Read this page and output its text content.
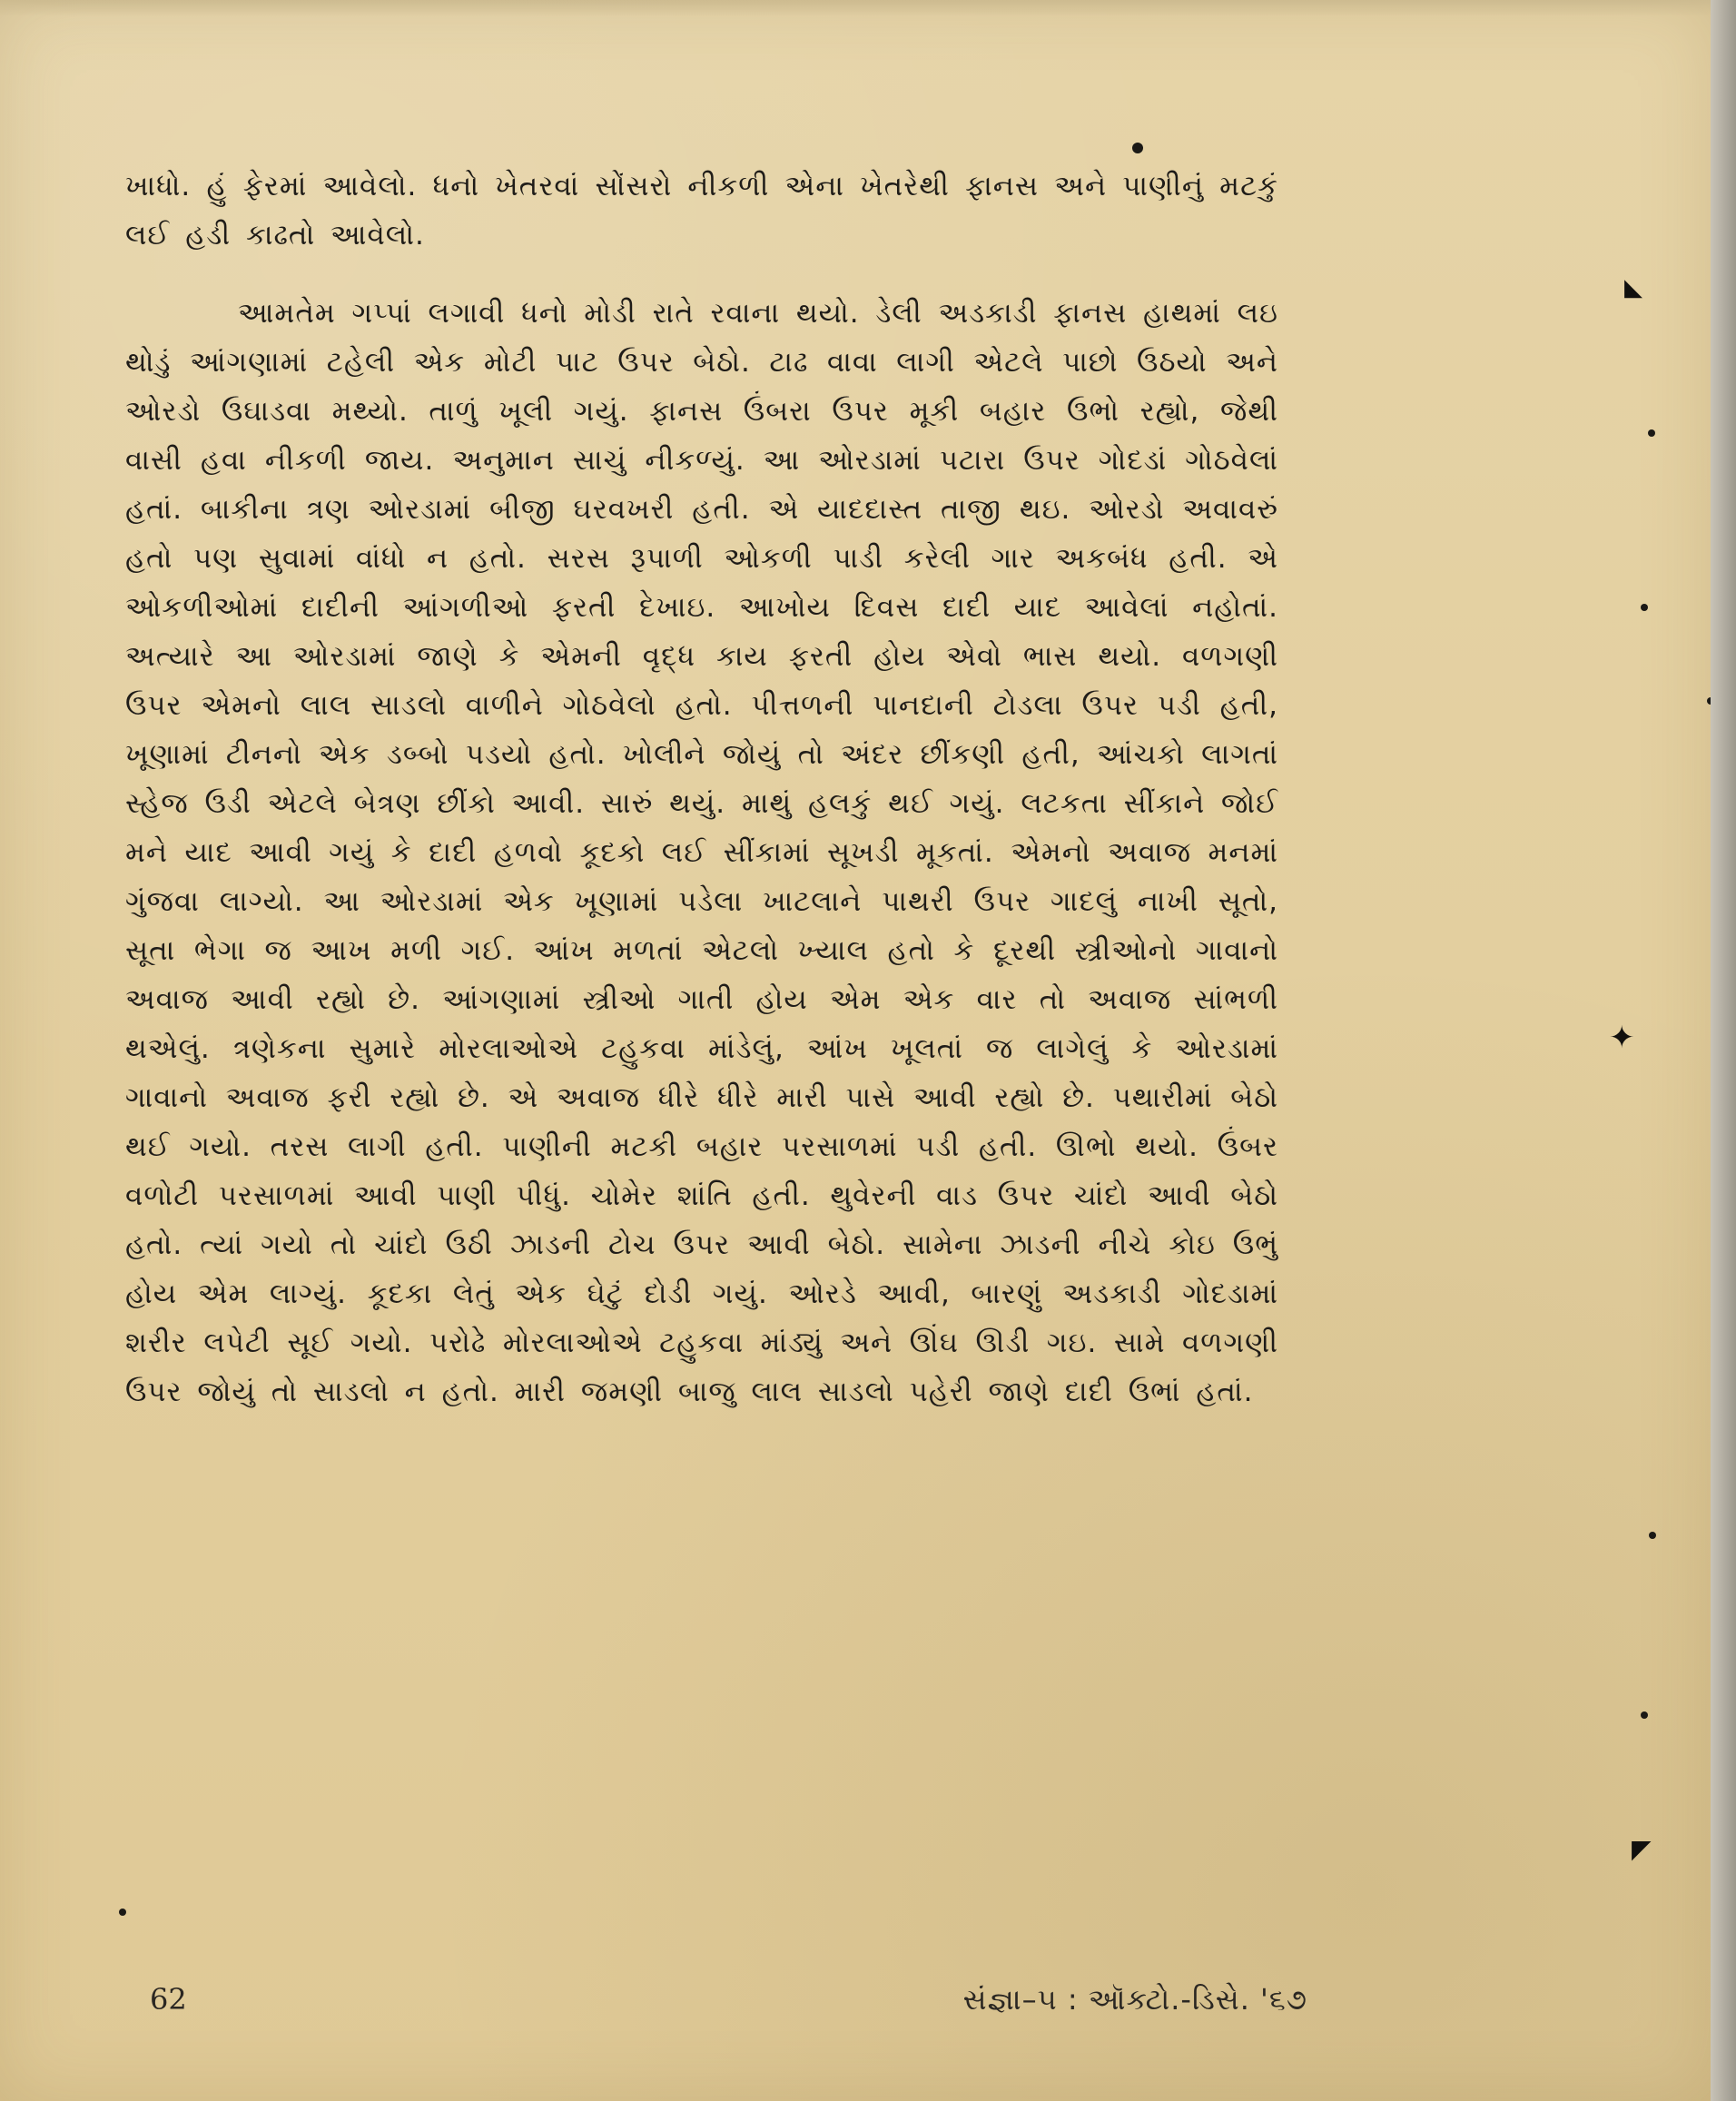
ખાધો. હું ફેરમાં આવેલો. ધનો ખેતરવાં સોંસરો નીકળી એના ખેતરેથી ફાનસ અને પાણીનું મટકું લઈ હડી કાઢતો આવેલો.

આમતેમ ગપ્પાં લગાવી ધનો મોડી રાતે રવાના થયો. ડેલી અડકાડી ફાનસ હાથમાં લઇ થોડું આંગણામાં ટહેલી એક મોટી પાટ ઉપર બેઠો. ટાઢ વાવા લાગી એટલે પાછો ઉઠયો અને ઓરડો ઉઘાડવા મથ્યો. તાળું ખૂલી ગયું. ફાનસ ઉંબરા ઉપર મૂકી બહાર ઉભો રહ્યો, જેથી વાસી હવા નીકળી જાય. અનુમાન સાચું નીકળ્યું. આ ઓરડામાં પટારા ઉપર ગોદડાં ગોઠવેલાં હતાં. બાકીના ત્રણ ઓરડામાં બીજી ઘરવખરી હતી. એ યાદદાસ્ત તાજી થઇ. ઓરડો અવાવરું હતો પણ સુવામાં વાંધો ન હતો. સરસ રૂપાળી ઓકળી પાડી કરેલી ગાર અકબંધ હતી. એ ઓકળીઓમાં દાદીની આંગળીઓ ફરતી દેખાઇ. આખોય દિવસ દાદી યાદ આવેલાં નહોતાં. અત્યારે આ ઓરડામાં જાણે કે એમની વૃદ્ધ કાય ફરતી હોય એવો ભાસ થયો. વળગણી ઉપર એમનો લાલ સાડલો વાળીને ગોઠવેલો હતો. પીત્તળની પાનદાની ટોડલા ઉપર પડી હતી, ખૂણામાં ટીનનો એક ડબ્બો પડયો હતો. ખોલીને જોયું તો અંદર છીંકણી હતી, આંચકો લાગતાં સ્હેજ ઉડી એટલે બેત્રણ છીંકો આવી. સારું થયું. માથું હલકું થઈ ગયું. લટકતા સીંકાને જોઈ મને યાદ આવી ગયું કે દાદી હળવો કૂદકો લઈ સીંકામાં સૂખડી મૂકતાં. એમનો અવાજ મનમાં ગુંજવા લાગ્યો. આ ઓરડામાં એક ખૂણામાં પડેલા ખાટલાને પાથરી ઉપર ગાદલું નાખી સૂતો, સૂતા ભેગા જ આખ મળી ગઈ. આંખ મળતાં એટલો ખ્યાલ હતો કે દૂરથી સ્ત્રીઓનો ગાવાનો અવાજ આવી રહ્યો છે. આંગણામાં સ્ત્રીઓ ગાતી હોય એમ એક વાર તો અવાજ સાંભળી થએલું. ત્રણેકના સુમારે મોરલાઓએ ટહુકવા માંડેલું, આંખ ખૂલતાં જ લાગેલું કે ઓરડામાં ગાવાનો અવાજ ફરી રહ્યો છે. એ અવાજ ધીરે ધીરે મારી પાસે આવી રહ્યો છે. પથારીમાં બેઠો થઈ ગયો. તરસ લાગી હતી. પાણીની મટકી બહાર પરસાળમાં પડી હતી. ઊભો થયો. ઉંબર વળોટી પરસાળમાં આવી પાણી પીધું. ચોમેર શાંતિ હતી. થુવેરની વાડ ઉપર ચાંદો આવી બેઠો હતો. ત્યાં ગયો તો ચાંદો ઉઠી ઝાડની ટોચ ઉપર આવી બેઠો. સામેના ઝાડની નીચે કોઇ ઉભું હોય એમ લાગ્યું. કૂદકા લેતું એક ઘેટું દોડી ગયું. ઓરડે આવી, બારણું અડકાડી ગોદડામાં શરીર લપેટી સૂઈ ગયો. પરોઢે મોરલાઓએ ટહુકવા માંડ્યું અને ઊંઘ ઊડી ગઇ. સામે વળગણી ઉપર જોયું તો સાડલો ન હતો. મારી જમણી બાજુ લાલ સાડલો પહેરી જાણે દાદી ઉભાં હતાં.

62	સંજ્ઞા–૫ : ઑક્ટો.-ડિસે. '૬૭
◣
✦
◤
